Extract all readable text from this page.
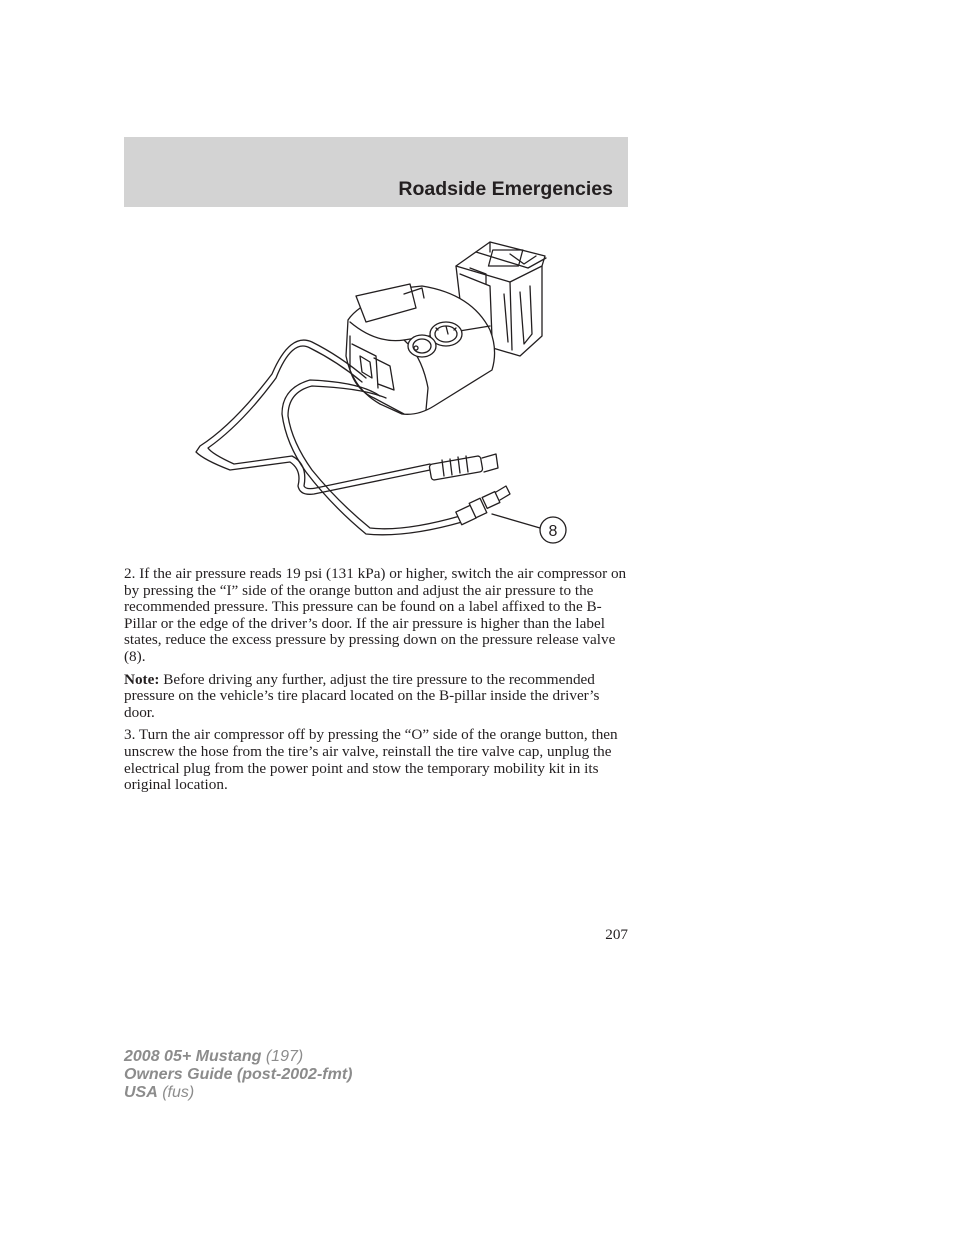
Roadside Emergencies
8

2. If the air pressure reads 19 psi (131 kPa) or higher, switch the air compressor on by pressing the “I” side of the orange button and adjust the air pressure to the recommended pressure. This pressure can be found on a label affixed to the B-Pillar or the edge of the driver’s door. If the air pressure is higher than the label states, reduce the excess pressure by pressing down on the pressure release valve (8).

Note: Before driving any further, adjust the tire pressure to the recommended pressure on the vehicle’s tire placard located on the B-pillar inside the driver’s door.

3. Turn the air compressor off by pressing the “O” side of the orange button, then unscrew the hose from the tire’s air valve, reinstall the tire valve cap, unplug the electrical plug from the power point and stow the temporary mobility kit in its original location.

207
2008 05+ Mustang (197)
Owners Guide (post-2002-fmt)
USA (fus)
